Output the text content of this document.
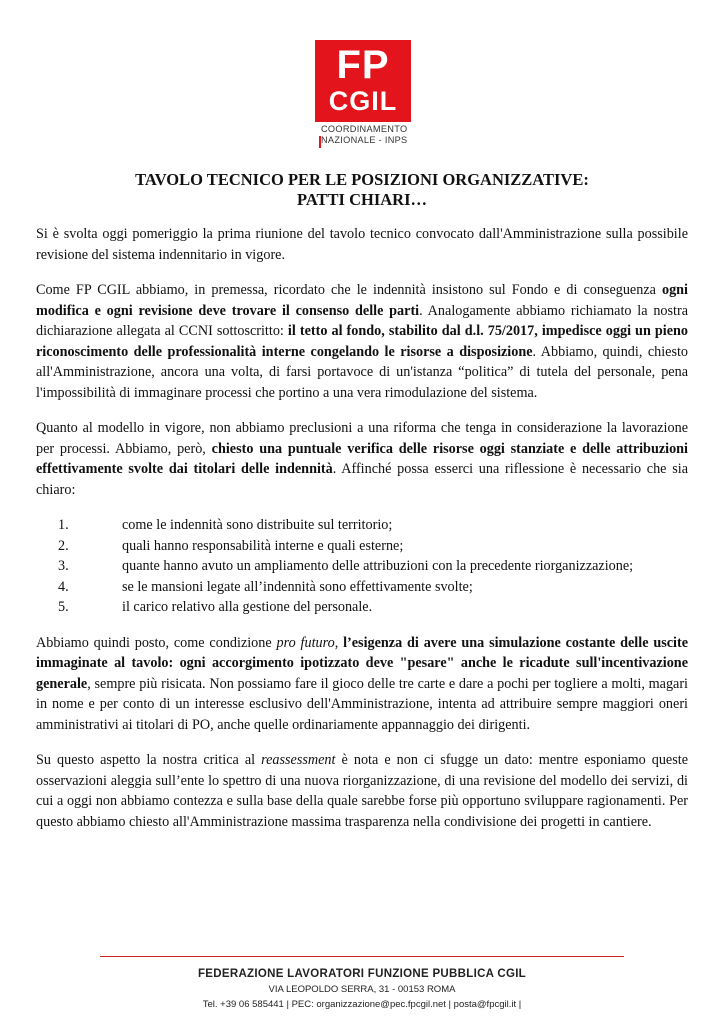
FP
CGIL
COORDINAMENTO
NAZIONALE - INPS
TAVOLO TECNICO PER LE POSIZIONI ORGANIZZATIVE:
PATTI CHIARI…

Si è svolta oggi pomeriggio la prima riunione del tavolo tecnico convocato dall'Amministrazione sulla possibile revisione del sistema indennitario in vigore.

Come FP CGIL abbiamo, in premessa, ricordato che le indennità insistono sul Fondo e di conseguenza ogni modifica e ogni revisione deve trovare il consenso delle parti. Analogamente abbiamo richiamato la nostra dichiarazione allegata al CCNI sottoscritto: il tetto al fondo, stabilito dal d.l. 75/2017, impedisce oggi un pieno riconoscimento delle professionalità interne congelando le risorse a disposizione. Abbiamo, quindi, chiesto all'Amministrazione, ancora una volta, di farsi portavoce di un'istanza “politica” di tutela del personale, pena l'impossibilità di immaginare processi che portino a una vera rimodulazione del sistema.

Quanto al modello in vigore, non abbiamo preclusioni a una riforma che tenga in considerazione la lavorazione per processi. Abbiamo, però, chiesto una puntuale verifica delle risorse oggi stanziate e delle attribuzioni effettivamente svolte dai titolari delle indennità. Affinché possa esserci una riflessione è necessario che sia chiaro:

1.	come le indennità sono distribuite sul territorio;
2.	quali hanno responsabilità interne e quali esterne;
3.	quante hanno avuto un ampliamento delle attribuzioni con la precedente riorganizzazione;
4.	se le mansioni legate all’indennità sono effettivamente svolte;
5.	il carico relativo alla gestione del personale.

Abbiamo quindi posto, come condizione pro futuro, l’esigenza di avere una simulazione costante delle uscite immaginate al tavolo: ogni accorgimento ipotizzato deve "pesare" anche le ricadute sull'incentivazione generale, sempre più risicata. Non possiamo fare il gioco delle tre carte e dare a pochi per togliere a molti, magari in nome e per conto di un interesse esclusivo dell'Amministrazione, intenta ad attribuire sempre maggiori oneri amministrativi ai titolari di PO, anche quelle ordinariamente appannaggio dei dirigenti.

Su questo aspetto la nostra critica al reassessment è nota e non ci sfugge un dato: mentre esponiamo queste osservazioni aleggia sull’ente lo spettro di una nuova riorganizzazione, di una revisione del modello dei servizi, di cui a oggi non abbiamo contezza e sulla base della quale sarebbe forse più opportuno sviluppare ragionamenti. Per questo abbiamo chiesto all'Amministrazione massima trasparenza nella condivisione dei progetti in cantiere.

FEDERAZIONE LAVORATORI FUNZIONE PUBBLICA CGIL
VIA LEOPOLDO SERRA, 31 - 00153 ROMA
Tel. +39 06 585441 | PEC: organizzazione@pec.fpcgil.net | posta@fpcgil.it |
